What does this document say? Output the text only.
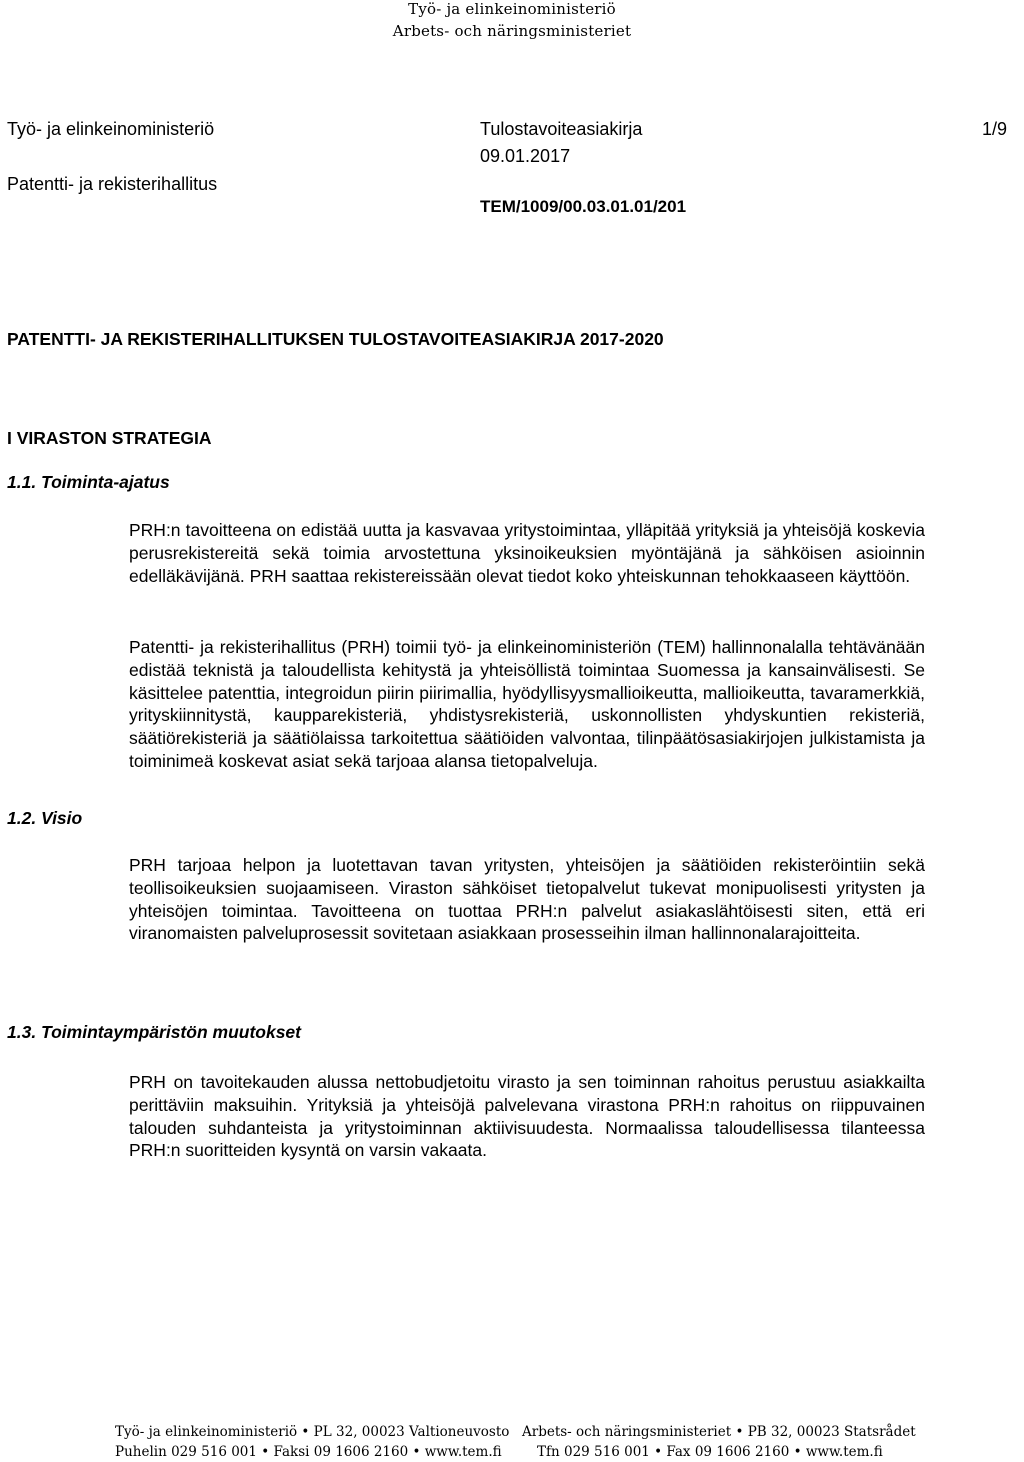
Työ- ja elinkeinoministeriö
Arbets- och näringsministeriet
Työ- ja elinkeinoministeriö
Patentti- ja rekisterihallitus
Tulostavoiteasiakirja
09.01.2017
TEM/1009/00.03.01.01/201
1/9
PATENTTI- JA REKISTERIHALLITUKSEN TULOSTAVOITEASIAKIRJA 2017-2020
I VIRASTON STRATEGIA
1.1. Toiminta-ajatus
PRH:n tavoitteena on edistää uutta ja kasvavaa yritystoimintaa, ylläpitää yrityksiä ja yhteisöjä koskevia perusrekistereitä sekä toimia arvostettuna yksinoikeuksien myöntäjänä ja sähköisen asioinnin edelläkävijänä. PRH saattaa rekistereissään olevat tiedot koko yhteiskunnan tehokkaaseen käyttöön.
Patentti- ja rekisterihallitus (PRH) toimii työ- ja elinkeinoministeriön (TEM) hallinnonalalla tehtävänään edistää teknistä ja taloudellista kehitystä ja yhteisöllistä toimintaa Suomessa ja kansainvälisesti. Se käsittelee patenttia, integroidun piirin piirimallia, hyödyllisyysmallioikeutta, mallioikeutta, tavaramerkkiä, yrityskiinnitystä, kaupparekisteriä, yhdistysrekisteriä, uskonnollisten yhdyskuntien rekisteriä, säätiörekisteriä ja säätiölaissa tarkoitettua säätiöiden valvontaa, tilinpäätösasiakirjojen julkistamista ja toiminimeä koskevat asiat sekä tarjoaa alansa tietopalveluja.
1.2. Visio
PRH tarjoaa helpon ja luotettavan tavan yritysten, yhteisöjen ja säätiöiden rekisteröintiin sekä teollisoikeuksien suojaamiseen. Viraston sähköiset tietopalvelut tukevat monipuolisesti yritysten ja yhteisöjen toimintaa. Tavoitteena on tuottaa PRH:n palvelut asiakaslähtöisesti siten, että eri viranomaisten palveluprosessit sovitetaan asiakkaan prosesseihin ilman hallinnonalarajoitteita.
1.3. Toimintaympäristön muutokset
PRH on tavoitekauden alussa nettobudjetoitu virasto ja sen toiminnan rahoitus perustuu asiakkailta perittäviin maksuihin. Yrityksiä ja yhteisöjä palvelevana virastona PRH:n rahoitus on riippuvainen talouden suhdanteista ja yritystoiminnan aktiivisuudesta. Normaalissa taloudellisessa tilanteessa PRH:n suoritteiden kysyntä on varsin vakaata.
Työ- ja elinkeinoministeriö • PL 32, 00023 Valtioneuvosto
Puhelin 029 516 001 • Faksi 09 1606 2160 • www.tem.fi
Arbets- och näringsministeriet • PB 32, 00023 Statsrådet
Tfn 029 516 001 • Fax 09 1606 2160 • www.tem.fi
